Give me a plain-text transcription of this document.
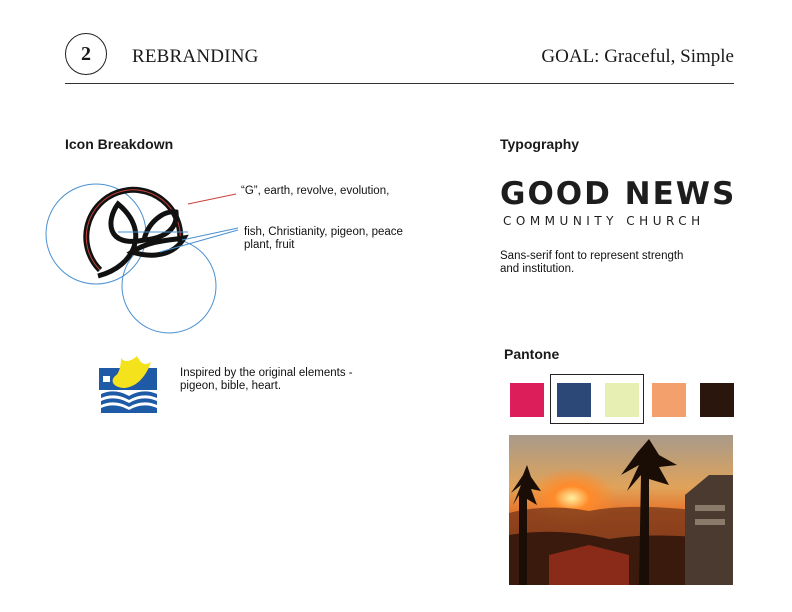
2 REBRANDING	GOAL: Graceful, Simple
Icon Breakdown
“G”, earth, revolve, evolution,
fish, Christianity, pigeon, peace
plant, fruit
Inspired by the original elements -
pigeon, bible, heart.
Typography
GOOD NEWS
COMMUNITY CHURCH
Sans-serif font to represent strength
and institution.
Pantone
